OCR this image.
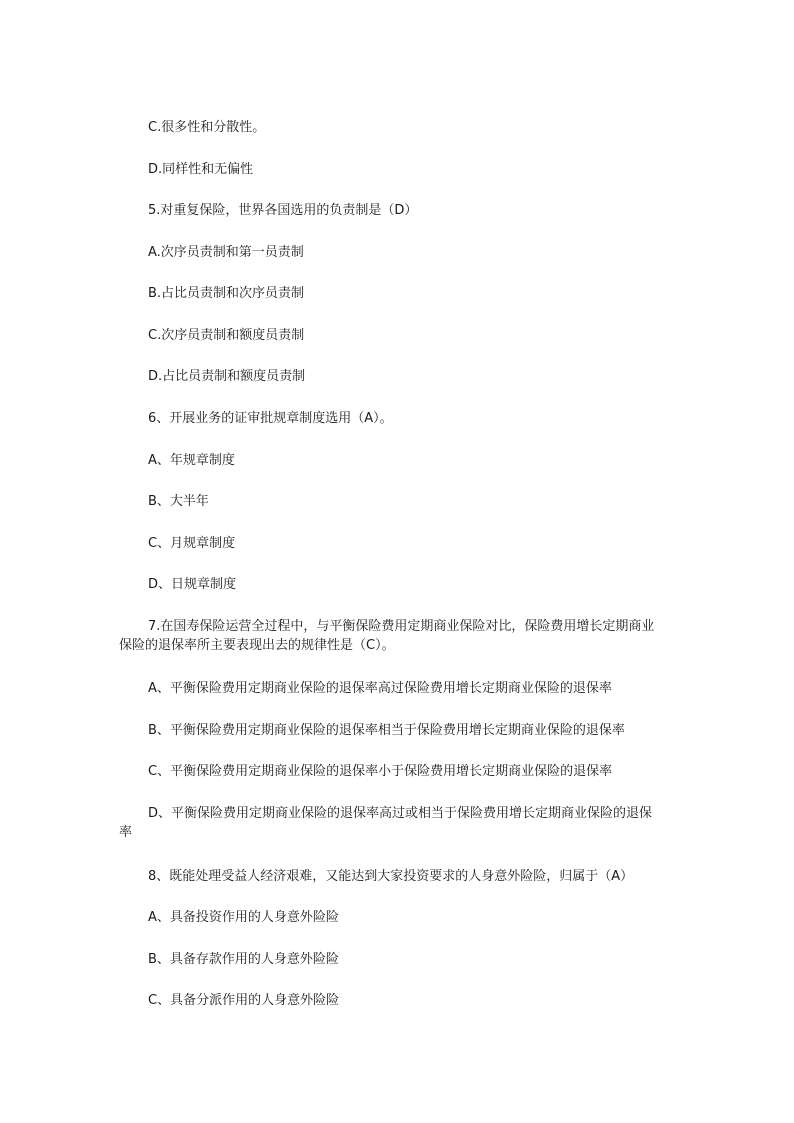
C.很多性和分散性。

D.同样性和无偏性

5.对重复保险，世界各国选用的负责制是（D）

A.次序员责制和第一员责制

B.占比员责制和次序员责制

C.次序员责制和额度员责制

D.占比员责制和额度员责制

6、开展业务的证审批规章制度选用（A）。

A、年规章制度

B、大半年

C、月规章制度

D、日规章制度

7.在国寿保险运营全过程中，与平衡保险费用定期商业保险对比，保险费用增长定期商业保险的退保率所主要表现出去的规律性是（C）。

A、平衡保险费用定期商业保险的退保率高过保险费用增长定期商业保险的退保率

B、平衡保险费用定期商业保险的退保率相当于保险费用增长定期商业保险的退保率

C、平衡保险费用定期商业保险的退保率小于保险费用增长定期商业保险的退保率

D、平衡保险费用定期商业保险的退保率高过或相当于保险费用增长定期商业保险的退保率

8、既能处理受益人经济艰难，又能达到大家投资要求的人身意外险险，归属于（A）

A、具备投资作用的人身意外险险

B、具备存款作用的人身意外险险

C、具备分派作用的人身意外险险
